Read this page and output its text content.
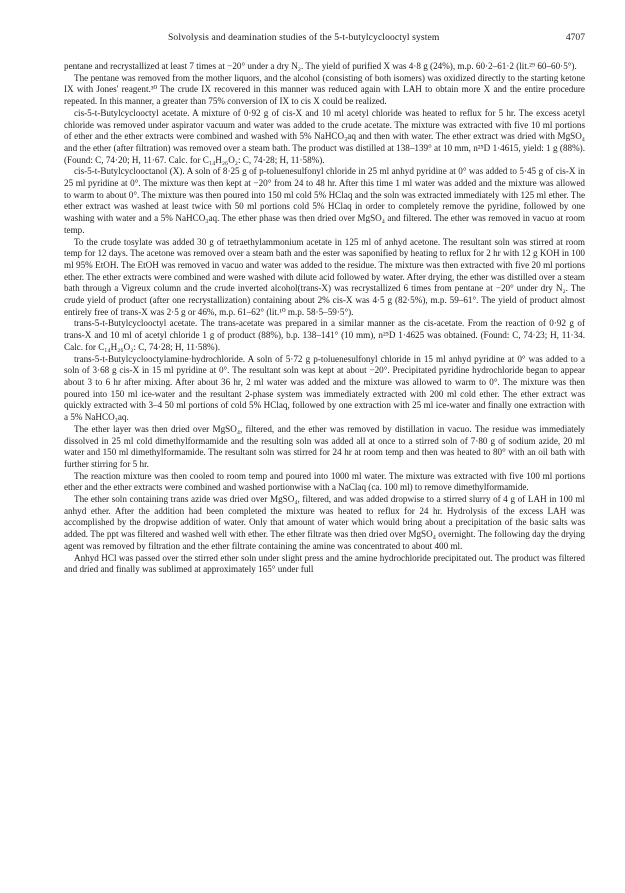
Solvolysis and deamination studies of the 5-t-butylcyclooctyl system	4707

pentane and recrystallized at least 7 times at −20° under a dry N₂. The yield of purified X was 4·8 g (24%), m.p. 60·2–61·2 (lit.²⁹ 60–60·5°).

The pentane was removed from the mother liquors, and the alcohol (consisting of both isomers) was oxidized directly to the starting ketone IX with Jones' reagent.³⁰ The crude IX recovered in this manner was reduced again with LAH to obtain more X and the entire procedure repeated. In this manner, a greater than 75% conversion of IX to cis X could be realized.

cis-5-t-Butylcyclooctyl acetate. A mixture of 0·92 g of cis-X and 10 ml acetyl chloride was heated to reflux for 5 hr. The excess acetyl chloride was removed under aspirator vacuum and water was added to the crude acetate. The mixture was extracted with five 10 ml portions of ether and the ether extracts were combined and washed with 5% NaHCO₃aq and then with water. The ether extract was dried with MgSO₄ and the ether (after filtration) was removed over a steam bath. The product was distilled at 138–139° at 10 mm, n²⁵D 1·4615, yield: 1 g (88%). (Found: C, 74·20; H, 11·67. Calc. for C₁₄H₂₆O₂: C, 74·28; H, 11·58%).

cis-5-t-Butylcyclooctanol (X). A soln of 8·25 g of p-toluenesulfonyl chloride in 25 ml anhyd pyridine at 0° was added to 5·45 g of cis-X in 25 ml pyridine at 0°. The mixture was then kept at −20° from 24 to 48 hr. After this time 1 ml water was added and the mixture was allowed to warm to about 0°. The mixture was then poured into 150 ml cold 5% HClaq and the soln was extracted immediately with 125 ml ether. The ether extract was washed at least twice with 50 ml portions cold 5% HClaq in order to completely remove the pyridine, followed by one washing with water and a 5% NaHCO₃aq. The ether phase was then dried over MgSO₄ and filtered. The ether was removed in vacuo at room temp.

To the crude tosylate was added 30 g of tetraethylammonium acetate in 125 ml of anhyd acetone. The resultant soln was stirred at room temp for 12 days. The acetone was removed over a steam bath and the ester was saponified by heating to reflux for 2 hr with 12 g KOH in 100 ml 95% EtOH. The EtOH was removed in vacuo and water was added to the residue. The mixture was then extracted with five 20 ml portions ether. The ether extracts were combined and were washed with dilute acid followed by water. After drying, the ether was distilled over a steam bath through a Vigreux column and the crude inverted alcohol(trans-X) was recrystallized 6 times from pentane at −20° under dry N₂. The crude yield of product (after one recrystallization) containing about 2% cis-X was 4·5 g (82·5%), m.p. 59–61°. The yield of product almost entirely free of trans-X was 2·5 g or 46%, m.p. 61–62° (lit.¹⁰ m.p. 58·5–59·5°).

trans-5-t-Butylcyclooctyl acetate. The trans-acetate was prepared in a similar manner as the cis-acetate. From the reaction of 0·92 g of trans-X and 10 ml of acetyl chloride 1 g of product (88%), b.p. 138–141° (10 mm), n²⁵D 1·4625 was obtained. (Found: C, 74·23; H, 11·34. Calc. for C₁₄H₂₆O₂: C, 74·28; H, 11·58%).

trans-5-t-Butylcyclooctylamine·hydrochloride. A soln of 5·72 g p-toluenesulfonyl chloride in 15 ml anhyd pyridine at 0° was added to a soln of 3·68 g cis-X in 15 ml pyridine at 0°. The resultant soln was kept at about −20°. Precipitated pyridine hydrochloride began to appear about 3 to 6 hr after mixing. After about 36 hr, 2 ml water was added and the mixture was allowed to warm to 0°. The mixture was then poured into 150 ml ice-water and the resultant 2-phase system was immediately extracted with 200 ml cold ether. The ether extract was quickly extracted with 3–4 50 ml portions of cold 5% HClaq, followed by one extraction with 25 ml ice-water and finally one extraction with a 5% NaHCO₃aq.

The ether layer was then dried over MgSO₄, filtered, and the ether was removed by distillation in vacuo. The residue was immediately dissolved in 25 ml cold dimethylformamide and the resulting soln was added all at once to a stirred soln of 7·80 g of sodium azide, 20 ml water and 150 ml dimethylformamide. The resultant soln was stirred for 24 hr at room temp and then was heated to 80° with an oil bath with further stirring for 5 hr.

The reaction mixture was then cooled to room temp and poured into 1000 ml water. The mixture was extracted with five 100 ml portions ether and the ether extracts were combined and washed portionwise with a NaClaq (ca. 100 ml) to remove dimethylformamide.

The ether soln containing trans azide was dried over MgSO₄, filtered, and was added dropwise to a stirred slurry of 4 g of LAH in 100 ml anhyd ether. After the addition had been completed the mixture was heated to reflux for 24 hr. Hydrolysis of the excess LAH was accomplished by the dropwise addition of water. Only that amount of water which would bring about a precipitation of the basic salts was added. The ppt was filtered and washed well with ether. The ether filtrate was then dried over MgSO₄ overnight. The following day the drying agent was removed by filtration and the ether filtrate containing the amine was concentrated to about 400 ml.

Anhyd HCl was passed over the stirred ether soln under slight press and the amine hydrochloride precipitated out. The product was filtered and dried and finally was sublimed at approximately 165° under full
